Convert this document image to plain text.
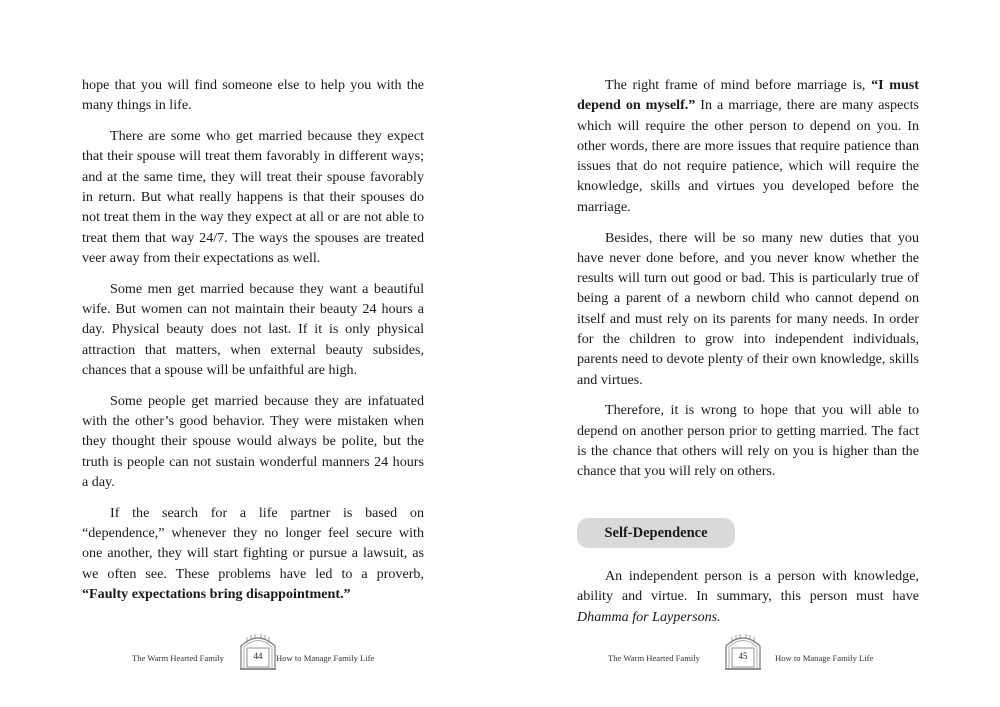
hope that you will find someone else to help you with the many things in life.

There are some who get married because they expect that their spouse will treat them favorably in different ways; and at the same time, they will treat their spouse favorably in return. But what really happens is that their spouses do not treat them in the way they expect at all or are not able to treat them that way 24/7. The ways the spouses are treated veer away from their expectations as well.

Some men get married because they want a beautiful wife. But women can not maintain their beauty 24 hours a day. Physical beauty does not last. If it is only physical attraction that matters, when external beauty subsides, chances that a spouse will be unfaithful are high.

Some people get married because they are infatuated with the other’s good behavior. They were mistaken when they thought their spouse would always be polite, but the truth is people can not sustain wonderful manners 24 hours a day.

If the search for a life partner is based on “dependence,” whenever they no longer feel secure with one another, they will start fighting or pursue a lawsuit, as we often see. These problems have led to a proverb, “Faulty expectations bring disappointment.”

The Warm Hearted Family	44	How to Manage Family Life

The right frame of mind before marriage is, “I must depend on myself.” In a marriage, there are many aspects which will require the other person to depend on you. In other words, there are more issues that require patience than issues that do not require patience, which will require the knowledge, skills and virtues you developed before the marriage.

Besides, there will be so many new duties that you have never done before, and you never know whether the results will turn out good or bad. This is particularly true of being a parent of a newborn child who cannot depend on itself and must rely on its parents for many needs. In order for the children to grow into independent individuals, parents need to devote plenty of their own knowledge, skills and virtues.

Therefore, it is wrong to hope that you will able to depend on another person prior to getting married. The fact is the chance that others will rely on you is higher than the chance that you will rely on others.

Self-Dependence

An independent person is a person with knowledge, ability and virtue. In summary, this person must have Dhamma for Laypersons.

The Warm Hearted Family	45	How to Manage Family Life
